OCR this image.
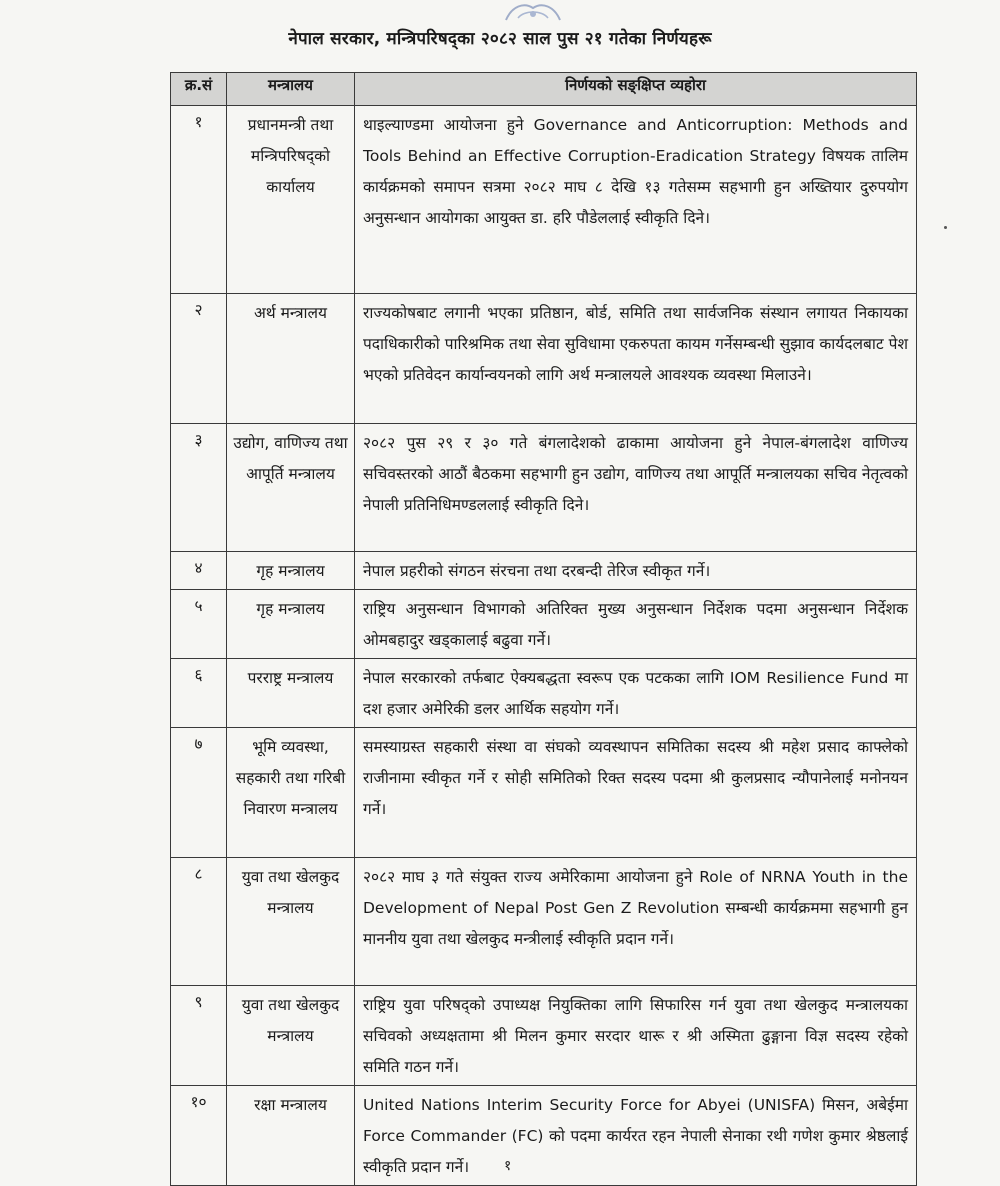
नेपाल सरकार, मन्त्रिपरिषद्‌का २०८२ साल पुस २१ गतेका निर्णयहरू
क्र.सं	मन्त्रालय	निर्णयको सङ्क्षिप्त व्यहोरा
१	प्रधानमन्त्री तथा मन्त्रिपरिषद्को कार्यालय	थाइल्याण्डमा आयोजना हुने Governance and Anticorruption: Methods and Tools Behind an Effective Corruption-Eradication Strategy विषयक तालिम कार्यक्रमको समापन सत्रमा २०८२ माघ ८ देखि १३ गतेसम्म सहभागी हुन अख्तियार दुरुपयोग अनुसन्धान आयोगका आयुक्त डा. हरि पौडेललाई स्वीकृति दिने।
२	अर्थ मन्त्रालय	राज्यकोषबाट लगानी भएका प्रतिष्ठान, बोर्ड, समिति तथा सार्वजनिक संस्थान लगायत निकायका पदाधिकारीको पारिश्रमिक तथा सेवा सुविधामा एकरुपता कायम गर्नेसम्बन्धी सुझाव कार्यदलबाट पेश भएको प्रतिवेदन कार्यान्वयनको लागि अर्थ मन्त्रालयले आवश्यक व्यवस्था मिलाउने।
३	उद्योग, वाणिज्य तथा आपूर्ति मन्त्रालय	२०८२ पुस २९ र ३० गते बंगलादेशको ढाकामा आयोजना हुने नेपाल-बंगलादेश वाणिज्य सचिवस्तरको आठौं बैठकमा सहभागी हुन उद्योग, वाणिज्य तथा आपूर्ति मन्त्रालयका सचिव नेतृत्वको नेपाली प्रतिनिधिमण्डललाई स्वीकृति दिने।
४	गृह मन्त्रालय	नेपाल प्रहरीको संगठन संरचना तथा दरबन्दी तेरिज स्वीकृत गर्ने।
५	गृह मन्त्रालय	राष्ट्रिय अनुसन्धान विभागको अतिरिक्त मुख्य अनुसन्धान निर्देशक पदमा अनुसन्धान निर्देशक ओमबहादुर खड्कालाई बढुवा गर्ने।
६	परराष्ट्र मन्त्रालय	नेपाल सरकारको तर्फबाट ऐक्यबद्धता स्वरूप एक पटकका लागि IOM Resilience Fund मा दश हजार अमेरिकी डलर आर्थिक सहयोग गर्ने।
७	भूमि व्यवस्था, सहकारी तथा गरिबी निवारण मन्त्रालय	समस्याग्रस्त सहकारी संस्था वा संघको व्यवस्थापन समितिका सदस्य श्री महेश प्रसाद काफ्लेको राजीनामा स्वीकृत गर्ने र सोही समितिको रिक्त सदस्य पदमा श्री कुलप्रसाद न्यौपानेलाई मनोनयन गर्ने।
८	युवा तथा खेलकुद मन्त्रालय	२०८२ माघ ३ गते संयुक्त राज्य अमेरिकामा आयोजना हुने Role of NRNA Youth in the Development of Nepal Post Gen Z Revolution सम्बन्धी कार्यक्रममा सहभागी हुन माननीय युवा तथा खेलकुद मन्त्रीलाई स्वीकृति प्रदान गर्ने।
९	युवा तथा खेलकुद मन्त्रालय	राष्ट्रिय युवा परिषद्को उपाध्यक्ष नियुक्तिका लागि सिफारिस गर्न युवा तथा खेलकुद मन्त्रालयका सचिवको अध्यक्षतामा श्री मिलन कुमार सरदार थारू र श्री अस्मिता ढुङ्गाना विज्ञ सदस्य रहेको समिति गठन गर्ने।
१०	रक्षा मन्त्रालय	United Nations Interim Security Force for Abyei (UNISFA) मिसन, अबेईमा Force Commander (FC) को पदमा कार्यरत रहन नेपाली सेनाका रथी गणेश कुमार श्रेष्ठलाई स्वीकृति प्रदान गर्ने। १
